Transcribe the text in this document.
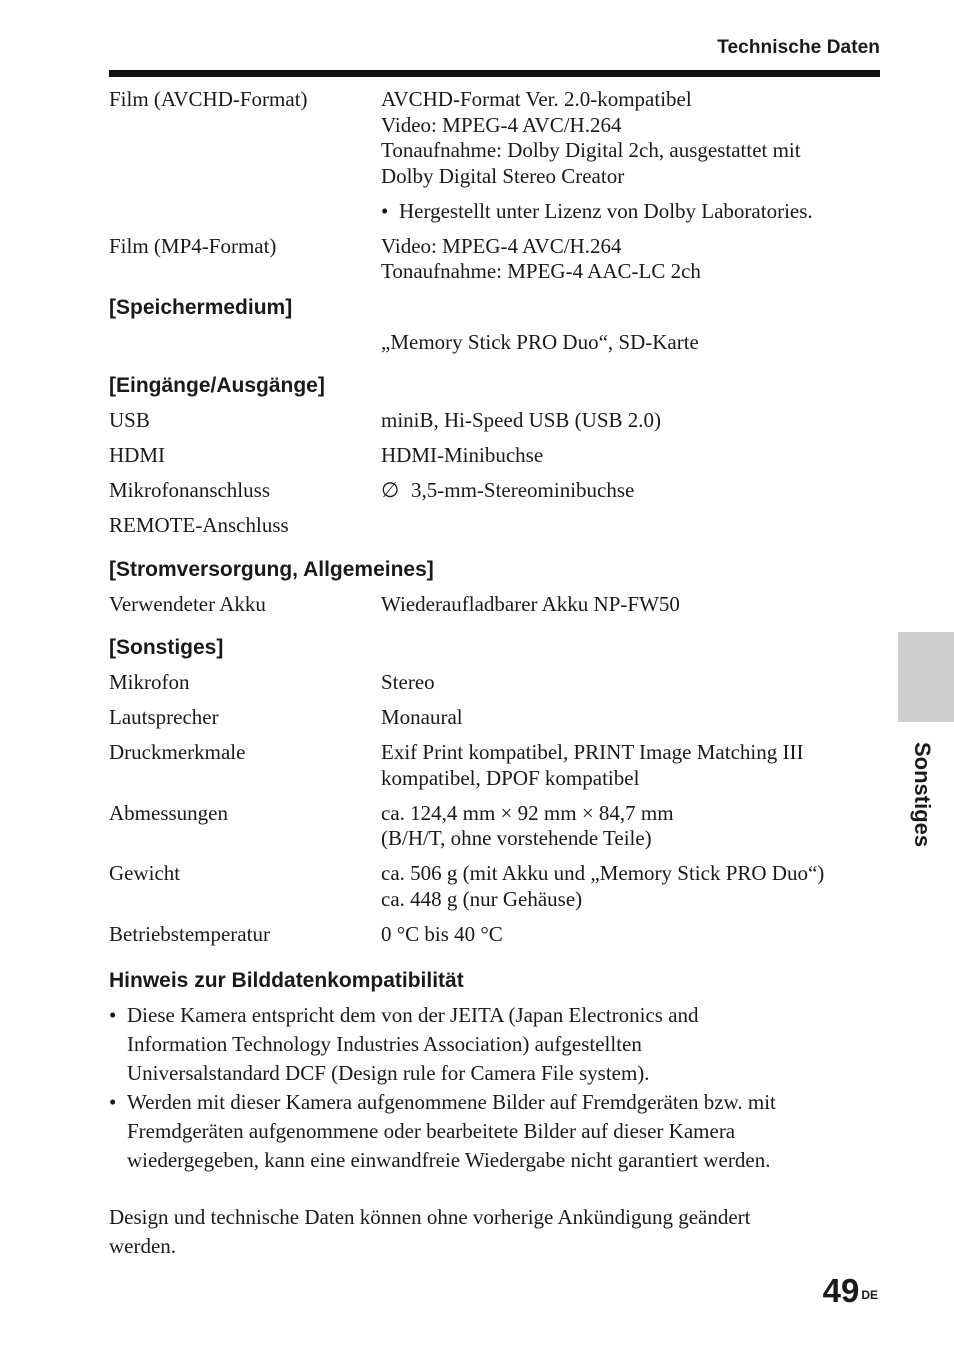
Technische Daten
Film (AVCHD-Format)	AVCHD-Format Ver. 2.0-kompatibel
Video: MPEG-4 AVC/H.264
Tonaufnahme: Dolby Digital 2ch, ausgestattet mit
Dolby Digital Stereo Creator
• Hergestellt unter Lizenz von Dolby Laboratories.
Film (MP4-Format)	Video: MPEG-4 AVC/H.264
Tonaufnahme: MPEG-4 AAC-LC 2ch
[Speichermedium]
„Memory Stick PRO Duo“, SD-Karte
[Eingänge/Ausgänge]
USB	miniB, Hi-Speed USB (USB 2.0)
HDMI	HDMI-Minibuchse
Mikrofonanschluss	∅ 3,5-mm-Stereominibuchse
REMOTE-Anschluss
[Stromversorgung, Allgemeines]
Verwendeter Akku	Wiederaufladbarer Akku NP-FW50
[Sonstiges]
Mikrofon	Stereo
Lautsprecher	Monaural
Druckmerkmale	Exif Print kompatibel, PRINT Image Matching III
kompatibel, DPOF kompatibel
Abmessungen	ca. 124,4 mm × 92 mm × 84,7 mm
(B/H/T, ohne vorstehende Teile)
Gewicht	ca. 506 g (mit Akku und „Memory Stick PRO Duo“)
ca. 448 g (nur Gehäuse)
Betriebstemperatur	0 °C bis 40 °C
Hinweis zur Bilddatenkompatibilität
• Diese Kamera entspricht dem von der JEITA (Japan Electronics and
Information Technology Industries Association) aufgestellten
Universalstandard DCF (Design rule for Camera File system).
• Werden mit dieser Kamera aufgenommene Bilder auf Fremdgeräten bzw. mit
Fremdgeräten aufgenommene oder bearbeitete Bilder auf dieser Kamera
wiedergegeben, kann eine einwandfreie Wiedergabe nicht garantiert werden.
Design und technische Daten können ohne vorherige Ankündigung geändert
werden.
Sonstiges
49 $^{DE}$
